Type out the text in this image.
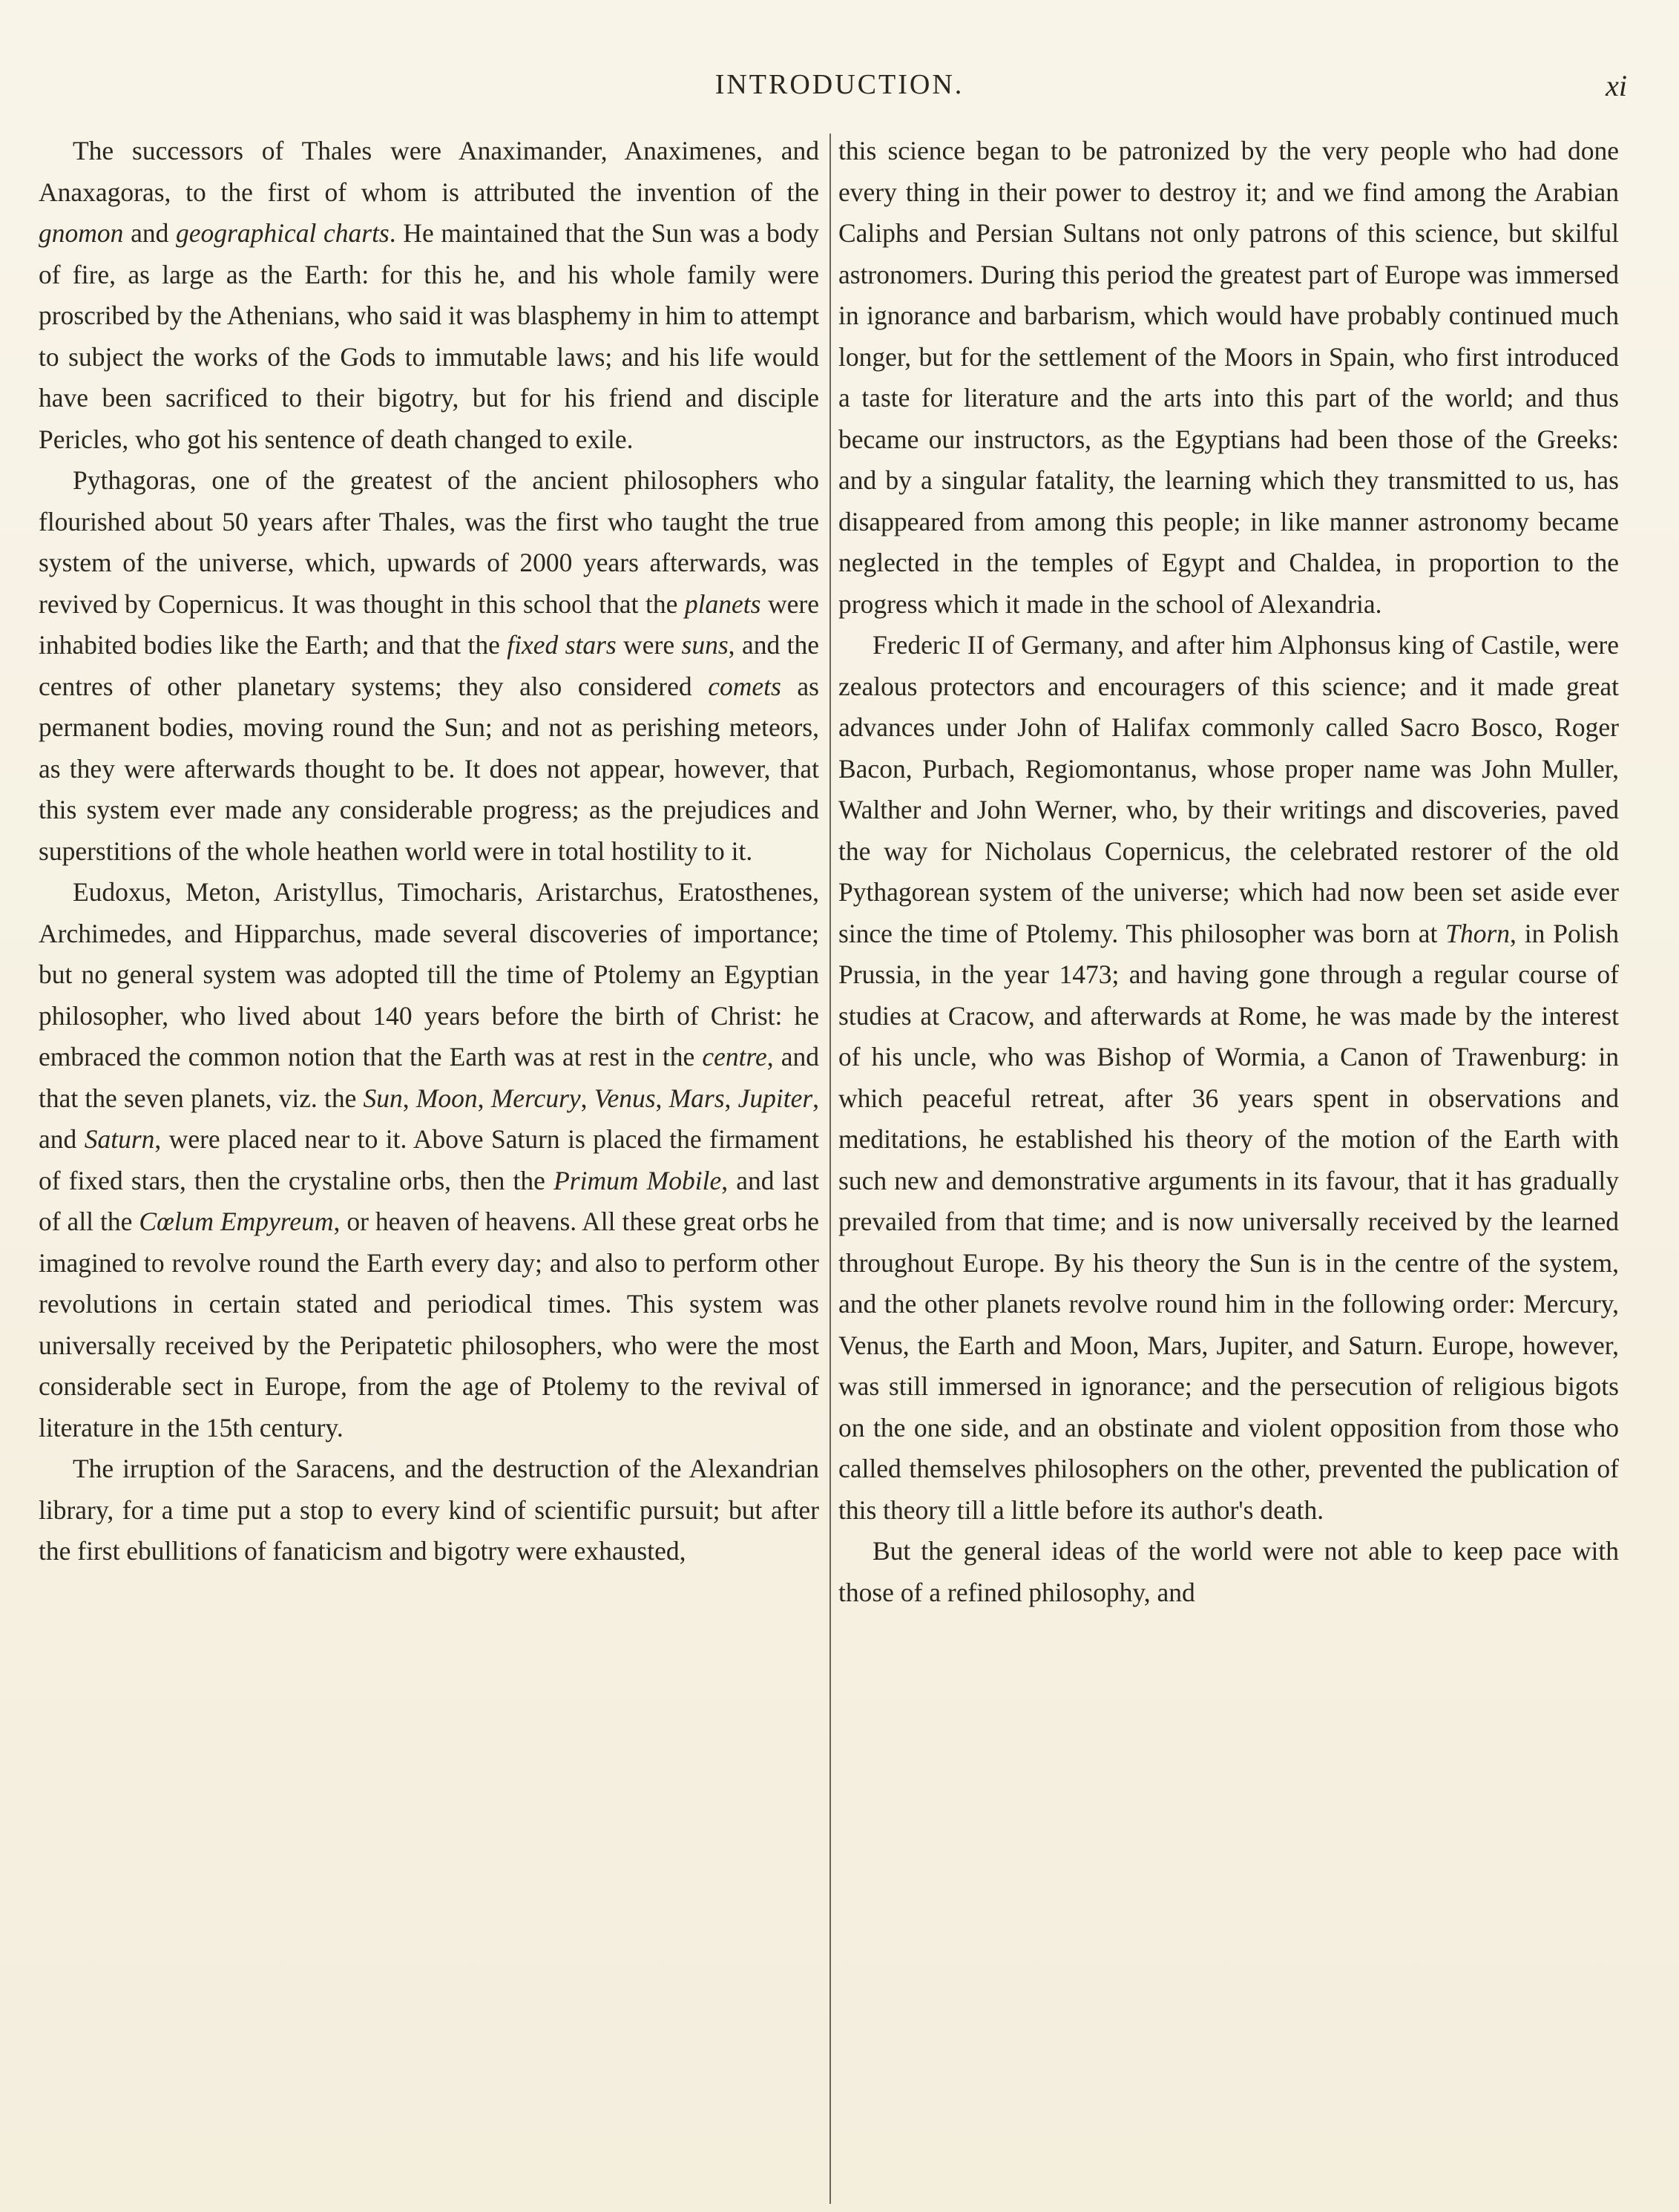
INTRODUCTION.	xi

The successors of Thales were Anaximander, Anaximenes, and Anaxagoras, to the first of whom is attributed the invention of the gnomon and geographical charts. He maintained that the Sun was a body of fire, as large as the Earth: for this he, and his whole family were proscribed by the Athenians, who said it was blasphemy in him to attempt to subject the works of the Gods to immutable laws; and his life would have been sacrificed to their bigotry, but for his friend and disciple Pericles, who got his sentence of death changed to exile.

Pythagoras, one of the greatest of the ancient philosophers who flourished about 50 years after Thales, was the first who taught the true system of the universe, which, upwards of 2000 years afterwards, was revived by Copernicus. It was thought in this school that the planets were inhabited bodies like the Earth; and that the fixed stars were suns, and the centres of other planetary systems; they also considered comets as permanent bodies, moving round the Sun; and not as perishing meteors, as they were afterwards thought to be. It does not appear, however, that this system ever made any considerable progress; as the prejudices and superstitions of the whole heathen world were in total hostility to it.

Eudoxus, Meton, Aristyllus, Timocharis, Aristarchus, Eratosthenes, Archimedes, and Hipparchus, made several discoveries of importance; but no general system was adopted till the time of Ptolemy an Egyptian philosopher, who lived about 140 years before the birth of Christ: he embraced the common notion that the Earth was at rest in the centre, and that the seven planets, viz. the Sun, Moon, Mercury, Venus, Mars, Jupiter, and Saturn, were placed near to it. Above Saturn is placed the firmament of fixed stars, then the crystaline orbs, then the Primum Mobile, and last of all the Cœlum Empyreum, or heaven of heavens. All these great orbs he imagined to revolve round the Earth every day; and also to perform other revolutions in certain stated and periodical times. This system was universally received by the Peripatetic philosophers, who were the most considerable sect in Europe, from the age of Ptolemy to the revival of literature in the 15th century.

The irruption of the Saracens, and the destruction of the Alexandrian library, for a time put a stop to every kind of scientific pursuit; but after the first ebullitions of fanaticism and bigotry were exhausted,

this science began to be patronized by the very people who had done every thing in their power to destroy it; and we find among the Arabian Caliphs and Persian Sultans not only patrons of this science, but skilful astronomers. During this period the greatest part of Europe was immersed in ignorance and barbarism, which would have probably continued much longer, but for the settlement of the Moors in Spain, who first introduced a taste for literature and the arts into this part of the world; and thus became our instructors, as the Egyptians had been those of the Greeks: and by a singular fatality, the learning which they transmitted to us, has disappeared from among this people; in like manner astronomy became neglected in the temples of Egypt and Chaldea, in proportion to the progress which it made in the school of Alexandria.

Frederic II of Germany, and after him Alphonsus king of Castile, were zealous protectors and encouragers of this science; and it made great advances under John of Halifax commonly called Sacro Bosco, Roger Bacon, Purbach, Regiomontanus, whose proper name was John Muller, Walther and John Werner, who, by their writings and discoveries, paved the way for Nicholaus Copernicus, the celebrated restorer of the old Pythagorean system of the universe; which had now been set aside ever since the time of Ptolemy. This philosopher was born at Thorn, in Polish Prussia, in the year 1473; and having gone through a regular course of studies at Cracow, and afterwards at Rome, he was made by the interest of his uncle, who was Bishop of Wormia, a Canon of Trawenburg: in which peaceful retreat, after 36 years spent in observations and meditations, he established his theory of the motion of the Earth with such new and demonstrative arguments in its favour, that it has gradually prevailed from that time; and is now universally received by the learned throughout Europe. By his theory the Sun is in the centre of the system, and the other planets revolve round him in the following order: Mercury, Venus, the Earth and Moon, Mars, Jupiter, and Saturn. Europe, however, was still immersed in ignorance; and the persecution of religious bigots on the one side, and an obstinate and violent opposition from those who called themselves philosophers on the other, prevented the publication of this theory till a little before its author's death.

But the general ideas of the world were not able to keep pace with those of a refined philosophy, and
